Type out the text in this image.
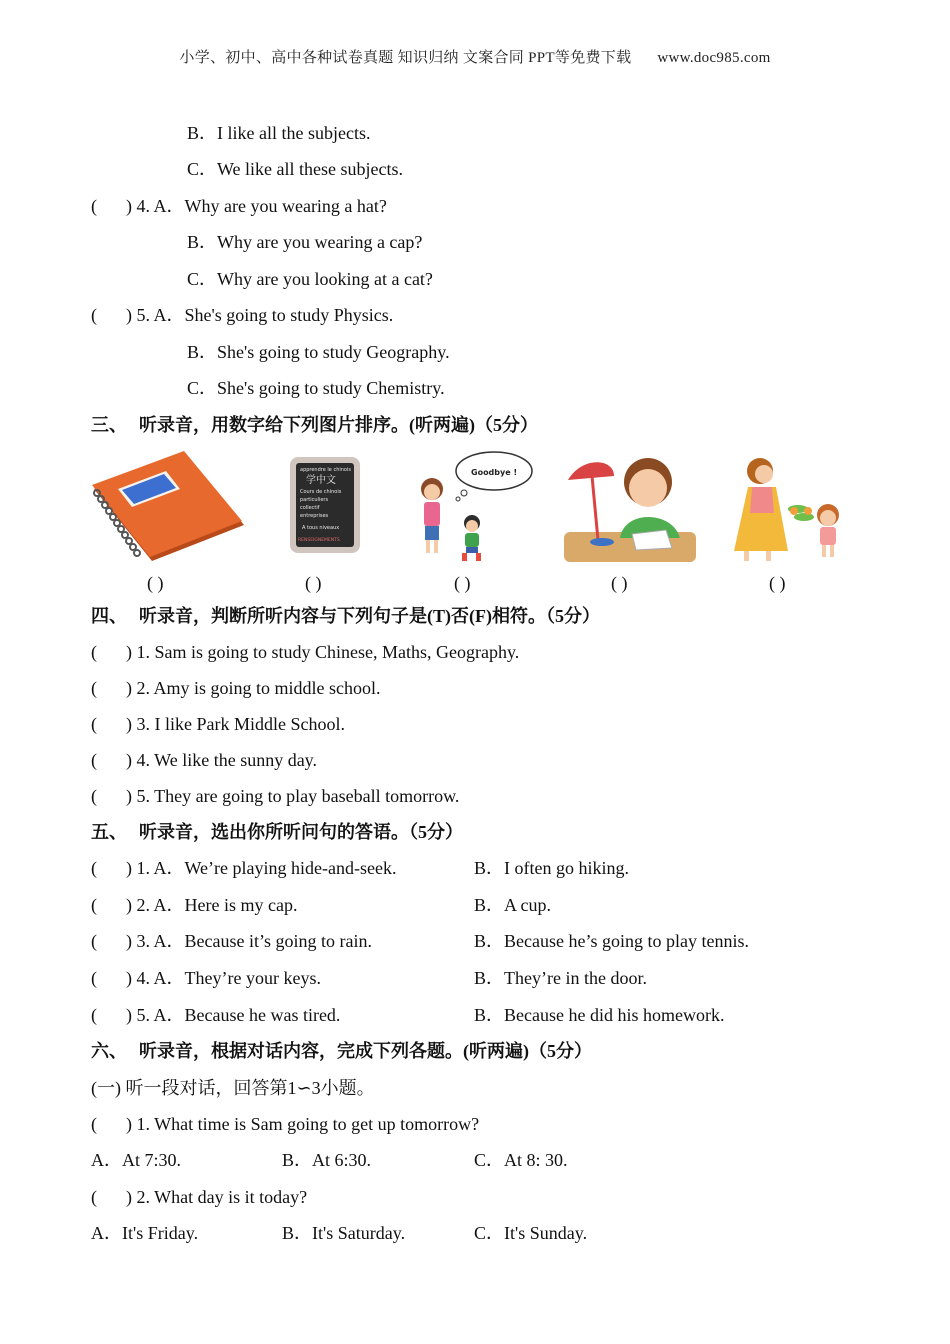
小学、初中、高中各种试卷真题 知识归纳 文案合同 PPT等免费下载 www.doc985.com
B．I like all the subjects.
C．We like all these subjects.
( ) 4. A．Why are you wearing a hat?
B．Why are you wearing a cap?
C．Why are you looking at a cat?
( ) 5. A．She's going to study Physics.
B．She's going to study Geography.
C．She's going to study Chemistry.
三、 听录音，用数字给下列图片排序。(听两遍)（5分）
apprendre le chinois
学中文
Cours de chinois
particuliers
collectif
entreprises
A tous niveaux
RENSEIGNEMENTS
Goodbye !
( )	( )	( )	( )	( )
四、 听录音，判断所听内容与下列句子是(T)否(F)相符。（5分）
( ) 1. Sam is going to study Chinese, Maths, Geography.
( ) 2. Amy is going to middle school.
( ) 3. I like Park Middle School.
( ) 4. We like the sunny day.
( ) 5. They are going to play baseball tomorrow.
五、 听录音，选出你所听问句的答语。（5分）
( ) 1. A．We’re playing hide-and-seek.	B．I often go hiking.
( ) 2. A．Here is my cap.	B．A cup.
( ) 3. A．Because it’s going to rain.	B．Because he’s going to play tennis.
( ) 4. A．They’re your keys.	B．They’re in the door.
( ) 5. A．Because he was tired.	B．Because he did his homework.
六、 听录音，根据对话内容，完成下列各题。(听两遍)（5分）
(一) 听一段对话，回答第1∽3小题。
( ) 1. What time is Sam going to get up tomorrow?
A．At 7:30.	B．At 6:30.	C．At 8: 30.
( ) 2. What day is it today?
A．It's Friday.	B．It's Saturday.	C．It's Sunday.
